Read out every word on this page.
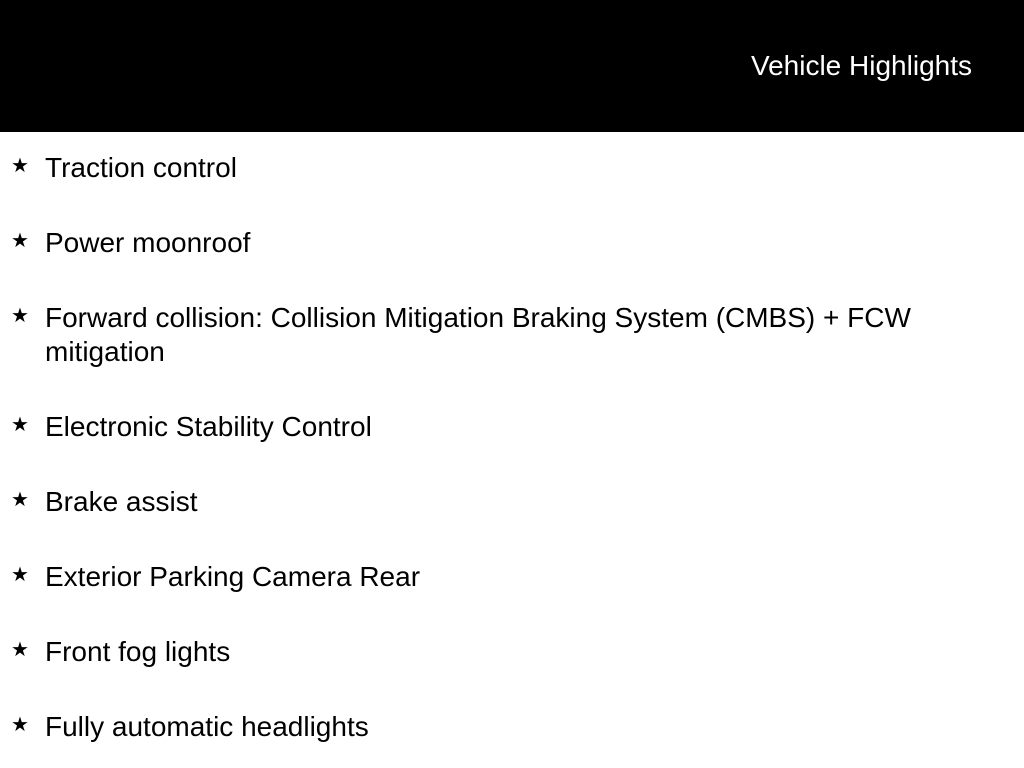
Vehicle Highlights
★ Traction control
★ Power moonroof
★ Forward collision: Collision Mitigation Braking System (CMBS) + FCW mitigation
★ Electronic Stability Control
★ Brake assist
★ Exterior Parking Camera Rear
★ Front fog lights
★ Fully automatic headlights
